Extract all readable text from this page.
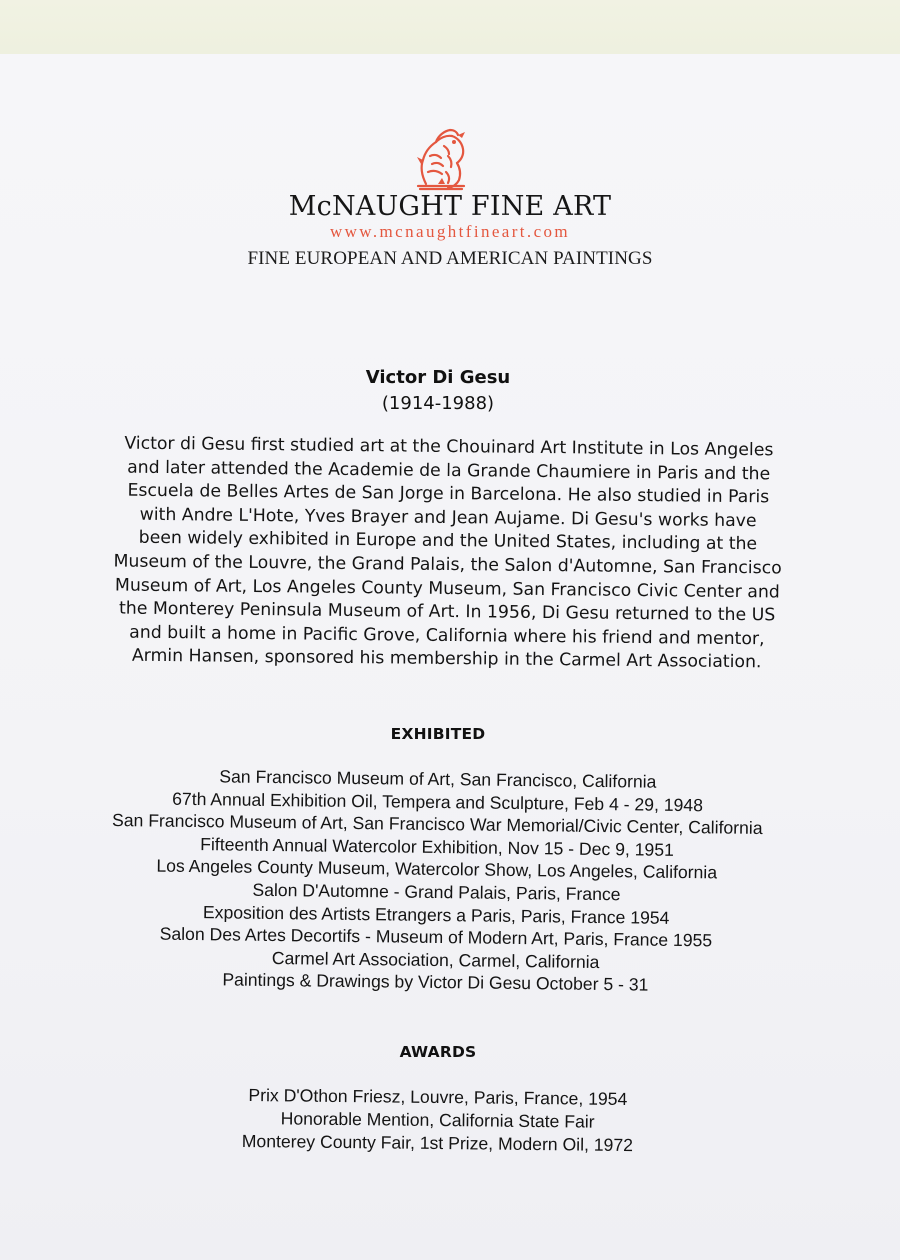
McNAUGHT FINE ART
www.mcnaughtfineart.com
FINE EUROPEAN AND AMERICAN PAINTINGS
Victor Di Gesu
(1914-1988)
Victor di Gesu first studied art at the Chouinard Art Institute in Los Angeles
and later attended the Academie de la Grande Chaumiere in Paris and the
Escuela de Belles Artes de San Jorge in Barcelona. He also studied in Paris
with Andre L'Hote, Yves Brayer and Jean Aujame. Di Gesu's works have
been widely exhibited in Europe and the United States, including at the
Museum of the Louvre, the Grand Palais, the Salon d'Automne, San Francisco
Museum of Art, Los Angeles County Museum, San Francisco Civic Center and
the Monterey Peninsula Museum of Art. In 1956, Di Gesu returned to the US
and built a home in Pacific Grove, California where his friend and mentor,
Armin Hansen, sponsored his membership in the Carmel Art Association.
EXHIBITED
San Francisco Museum of Art, San Francisco, California
67th Annual Exhibition Oil, Tempera and Sculpture, Feb 4 - 29, 1948
San Francisco Museum of Art, San Francisco War Memorial/Civic Center, California
Fifteenth Annual Watercolor Exhibition, Nov 15 - Dec 9, 1951
Los Angeles County Museum, Watercolor Show, Los Angeles, California
Salon D'Automne - Grand Palais, Paris, France
Exposition des Artists Etrangers a Paris, Paris, France 1954
Salon Des Artes Decortifs - Museum of Modern Art, Paris, France 1955
Carmel Art Association, Carmel, California
Paintings & Drawings by Victor Di Gesu October 5 - 31
AWARDS
Prix D'Othon Friesz, Louvre, Paris, France, 1954
Honorable Mention, California State Fair
Monterey County Fair, 1st Prize, Modern Oil, 1972
